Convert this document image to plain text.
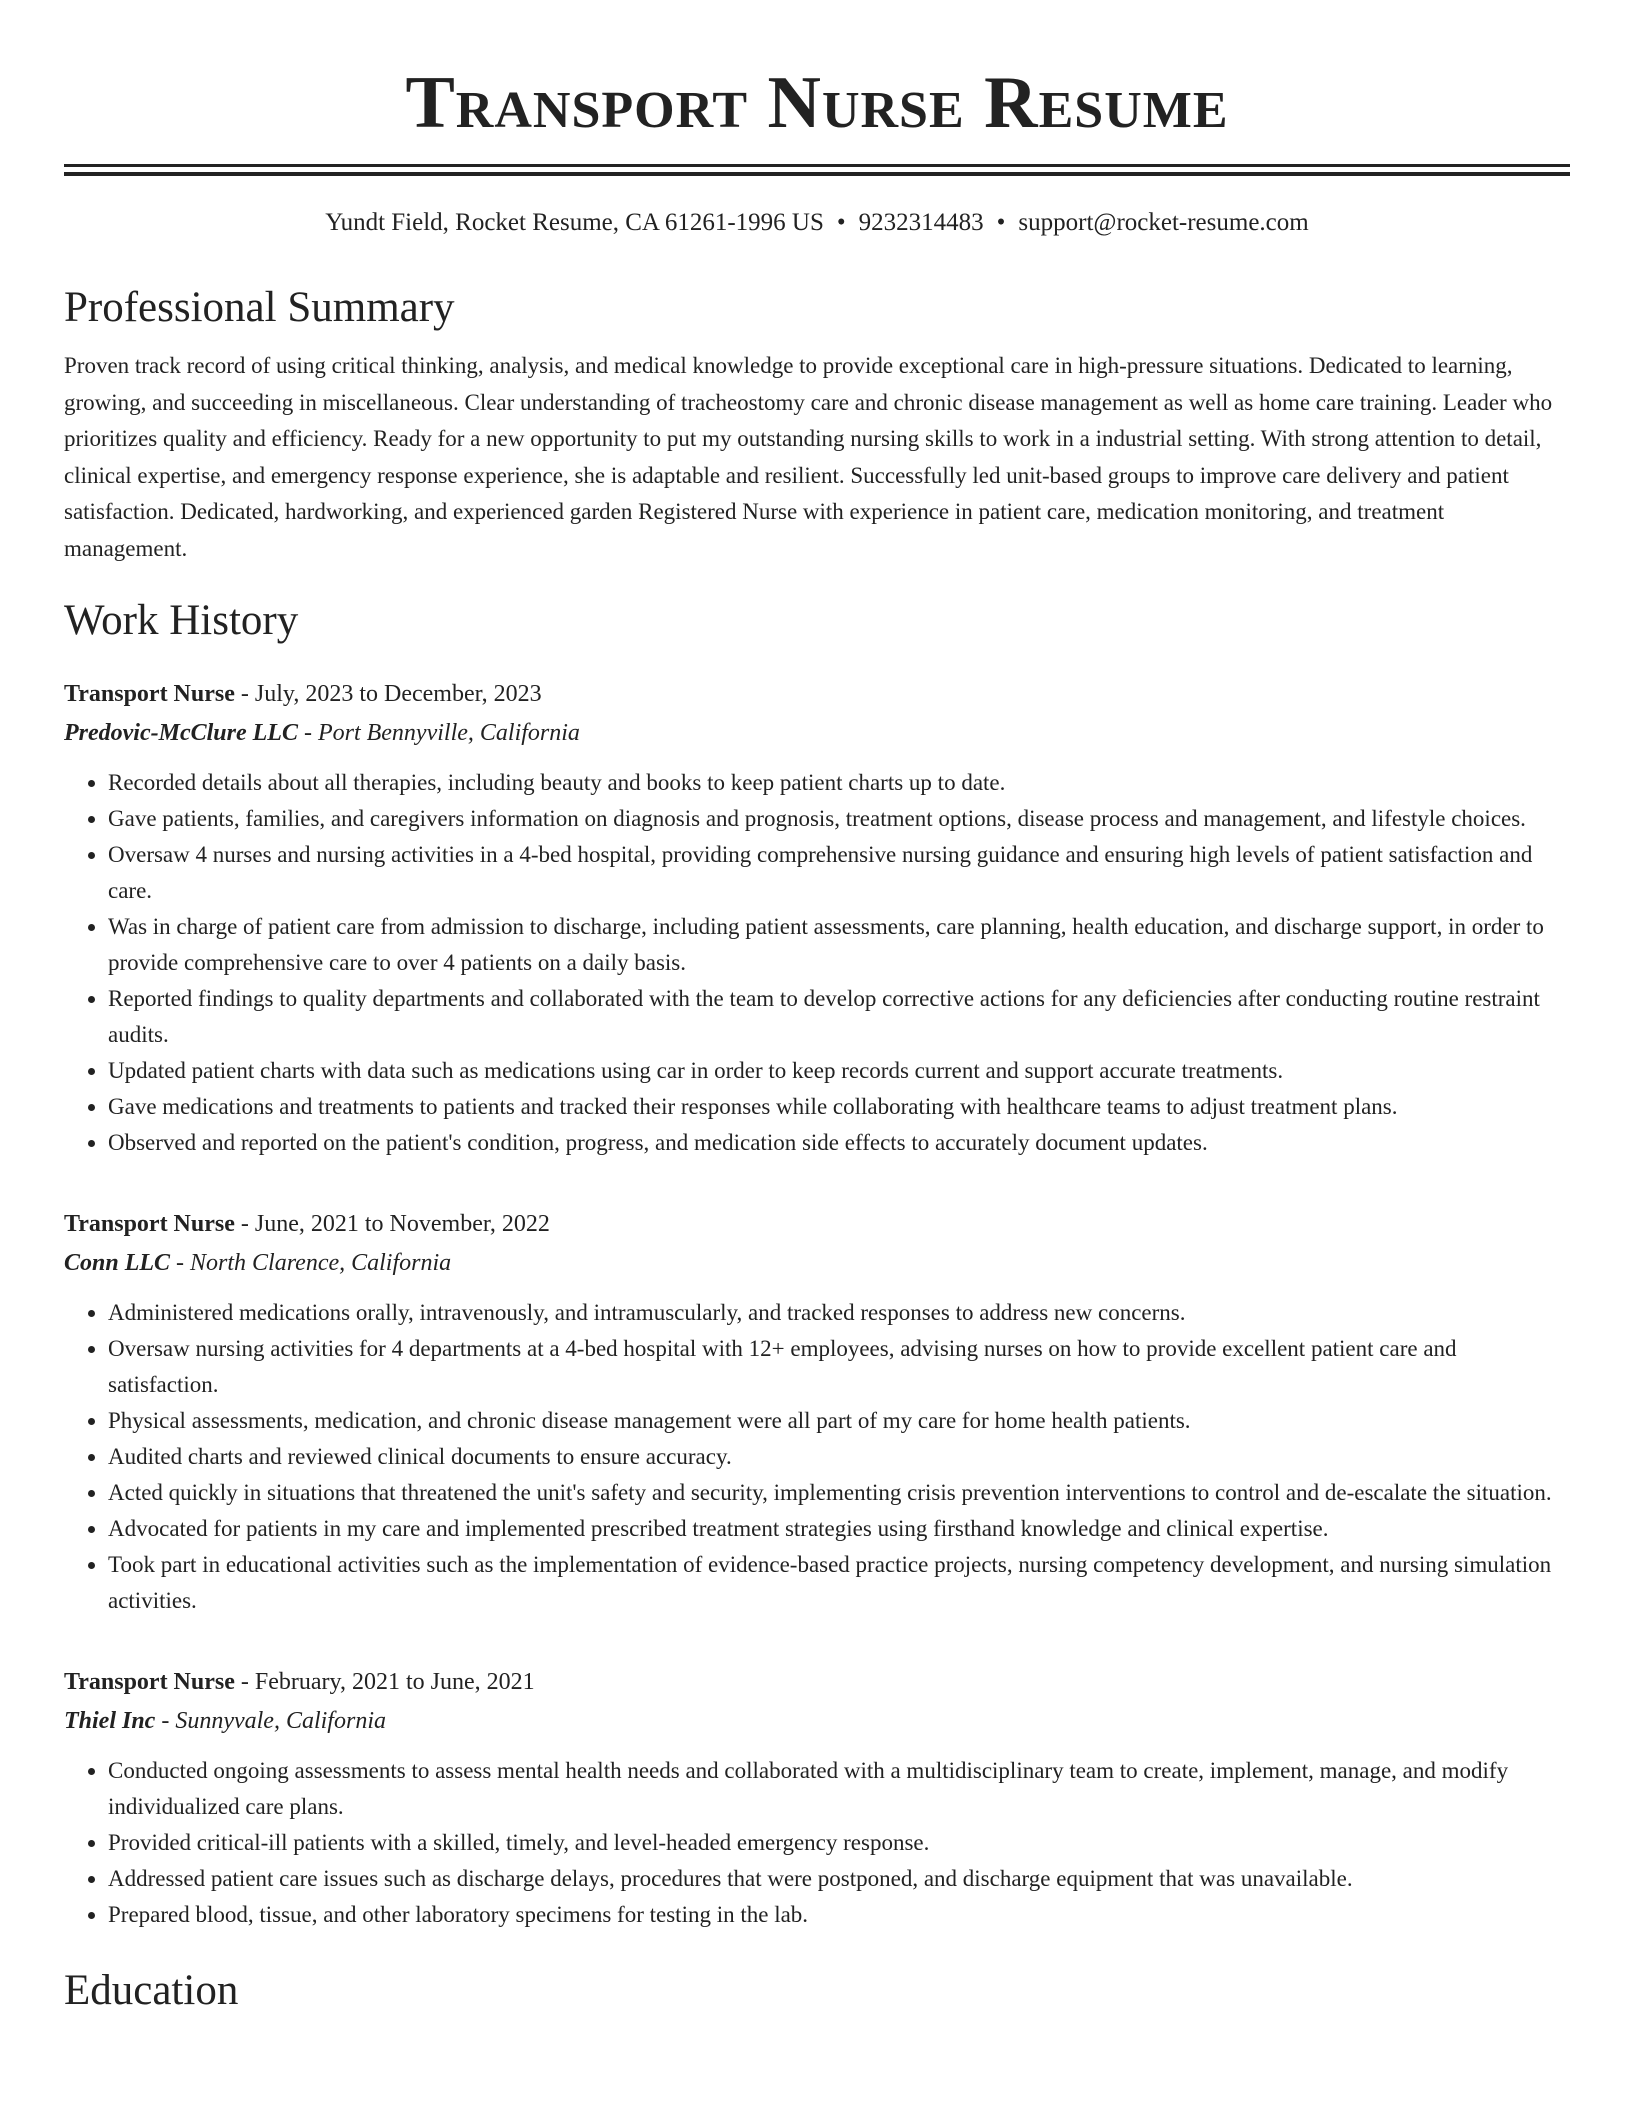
Transport Nurse Resume
Yundt Field, Rocket Resume, CA 61261-1996 US • 9232314483 • support@rocket-resume.com
Professional Summary

Proven track record of using critical thinking, analysis, and medical knowledge to provide exceptional care in high-pressure situations. Dedicated to learning, growing, and succeeding in miscellaneous. Clear understanding of tracheostomy care and chronic disease management as well as home care training. Leader who prioritizes quality and efficiency. Ready for a new opportunity to put my outstanding nursing skills to work in a industrial setting. With strong attention to detail, clinical expertise, and emergency response experience, she is adaptable and resilient. Successfully led unit-based groups to improve care delivery and patient satisfaction. Dedicated, hardworking, and experienced garden Registered Nurse with experience in patient care, medication monitoring, and treatment management.

Work History
Transport Nurse - July, 2023 to December, 2023
Predovic-McClure LLC - Port Bennyville, California
• Recorded details about all therapies, including beauty and books to keep patient charts up to date.
• Gave patients, families, and caregivers information on diagnosis and prognosis, treatment options, disease process and management, and lifestyle choices.
• Oversaw 4 nurses and nursing activities in a 4-bed hospital, providing comprehensive nursing guidance and ensuring high levels of patient satisfaction and care.
• Was in charge of patient care from admission to discharge, including patient assessments, care planning, health education, and discharge support, in order to provide comprehensive care to over 4 patients on a daily basis.
• Reported findings to quality departments and collaborated with the team to develop corrective actions for any deficiencies after conducting routine restraint audits.
• Updated patient charts with data such as medications using car in order to keep records current and support accurate treatments.
• Gave medications and treatments to patients and tracked their responses while collaborating with healthcare teams to adjust treatment plans.
• Observed and reported on the patient's condition, progress, and medication side effects to accurately document updates.
Transport Nurse - June, 2021 to November, 2022
Conn LLC - North Clarence, California
• Administered medications orally, intravenously, and intramuscularly, and tracked responses to address new concerns.
• Oversaw nursing activities for 4 departments at a 4-bed hospital with 12+ employees, advising nurses on how to provide excellent patient care and satisfaction.
• Physical assessments, medication, and chronic disease management were all part of my care for home health patients.
• Audited charts and reviewed clinical documents to ensure accuracy.
• Acted quickly in situations that threatened the unit's safety and security, implementing crisis prevention interventions to control and de-escalate the situation.
• Advocated for patients in my care and implemented prescribed treatment strategies using firsthand knowledge and clinical expertise.
• Took part in educational activities such as the implementation of evidence-based practice projects, nursing competency development, and nursing simulation activities.
Transport Nurse - February, 2021 to June, 2021
Thiel Inc - Sunnyvale, California
• Conducted ongoing assessments to assess mental health needs and collaborated with a multidisciplinary team to create, implement, manage, and modify individualized care plans.
• Provided critical-ill patients with a skilled, timely, and level-headed emergency response.
• Addressed patient care issues such as discharge delays, procedures that were postponed, and discharge equipment that was unavailable.
• Prepared blood, tissue, and other laboratory specimens for testing in the lab.
Education
